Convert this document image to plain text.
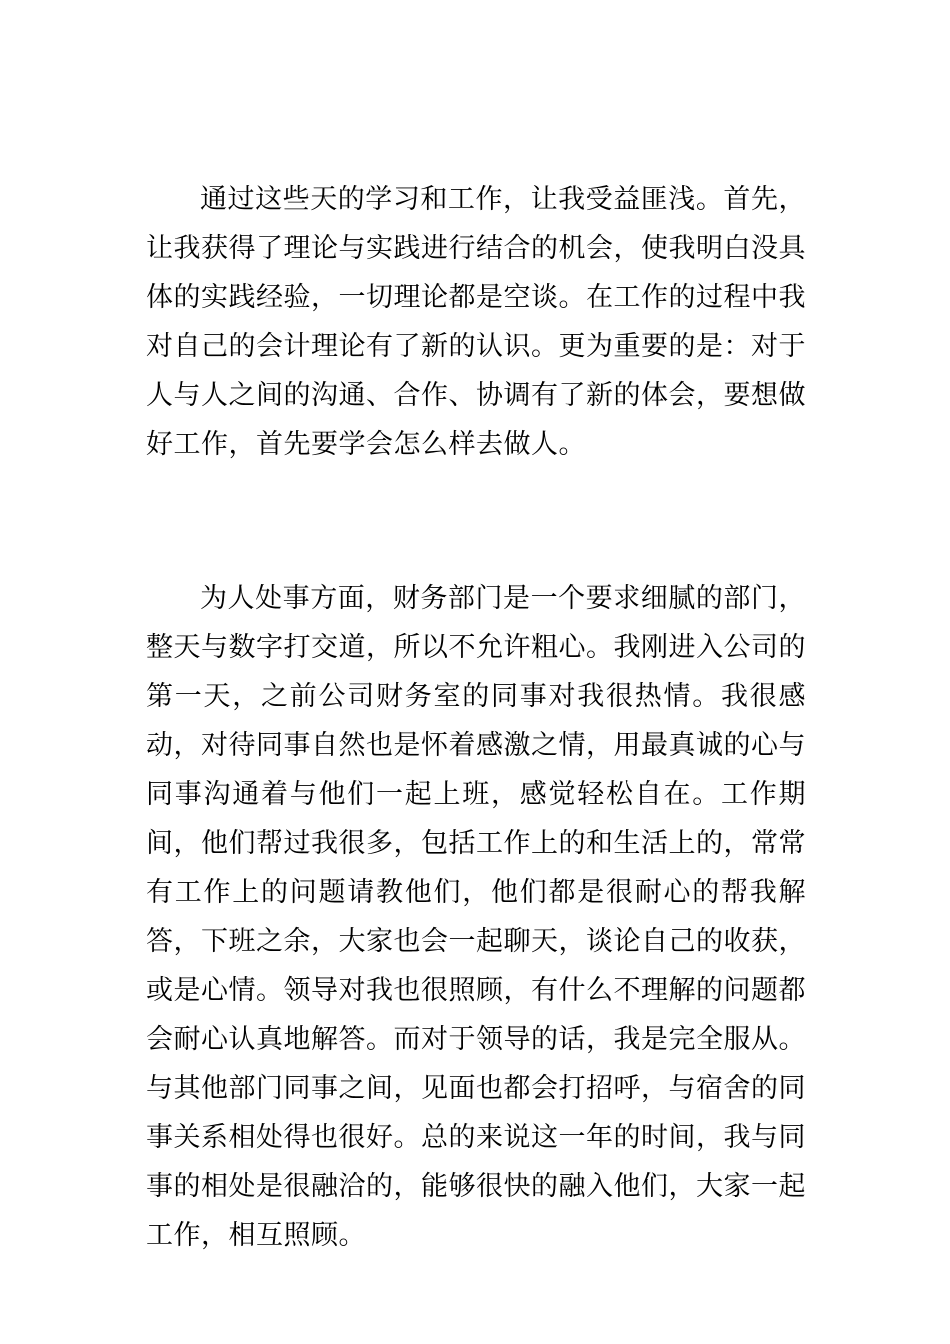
通过这些天的学习和工作，让我受益匪浅。首先，让我获得了理论与实践进行结合的机会，使我明白没具体的实践经验，一切理论都是空谈。在工作的过程中我对自己的会计理论有了新的认识。更为重要的是：对于人与人之间的沟通、合作、协调有了新的体会，要想做好工作，首先要学会怎么样去做人。

为人处事方面，财务部门是一个要求细腻的部门，整天与数字打交道，所以不允许粗心。我刚进入公司的第一天，之前公司财务室的同事对我很热情。我很感动，对待同事自然也是怀着感激之情，用最真诚的心与同事沟通着与他们一起上班，感觉轻松自在。工作期间，他们帮过我很多，包括工作上的和生活上的，常常有工作上的问题请教他们，他们都是很耐心的帮我解答，下班之余，大家也会一起聊天，谈论自己的收获，或是心情。领导对我也很照顾，有什么不理解的问题都会耐心认真地解答。而对于领导的话，我是完全服从。与其他部门同事之间，见面也都会打招呼，与宿舍的同事关系相处得也很好。总的来说这一年的时间，我与同事的相处是很融洽的，能够很快的融入他们，大家一起工作，相互照顾。
